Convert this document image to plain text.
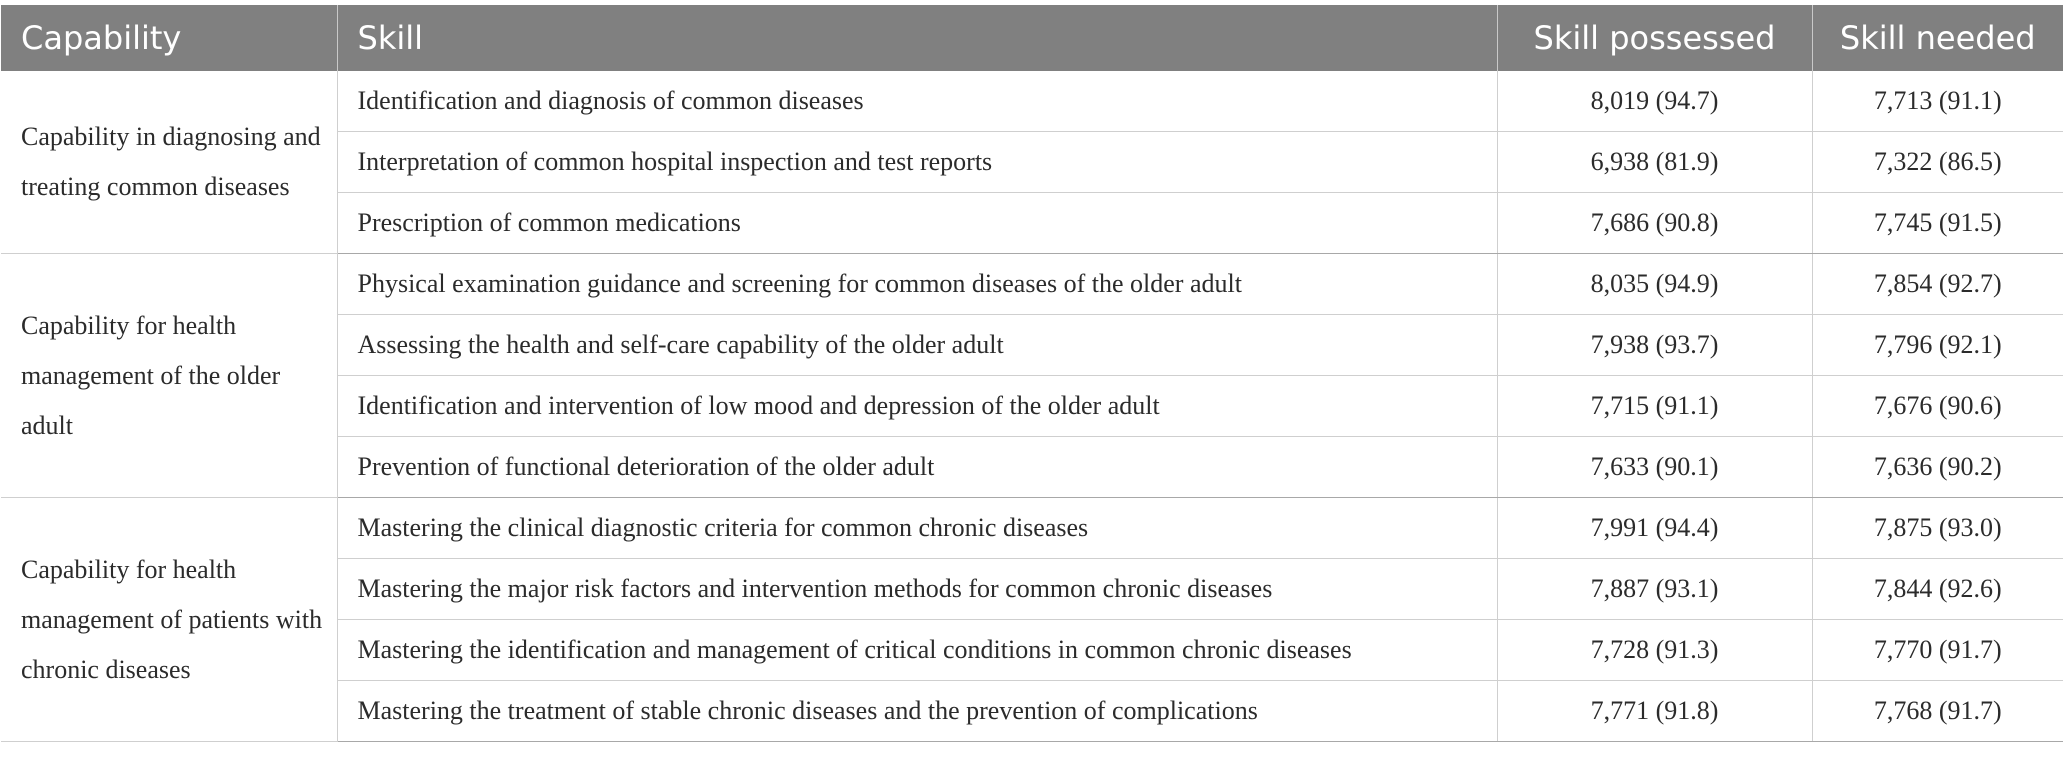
Capability	Skill	Skill possessed	Skill needed
Capability in diagnosing and treating common diseases	Identification and diagnosis of common diseases	8,019 (94.7)	7,713 (91.1)
	Interpretation of common hospital inspection and test reports	6,938 (81.9)	7,322 (86.5)
	Prescription of common medications	7,686 (90.8)	7,745 (91.5)
Capability for health management of the older adult	Physical examination guidance and screening for common diseases of the older adult	8,035 (94.9)	7,854 (92.7)
	Assessing the health and self-care capability of the older adult	7,938 (93.7)	7,796 (92.1)
	Identification and intervention of low mood and depression of the older adult	7,715 (91.1)	7,676 (90.6)
	Prevention of functional deterioration of the older adult	7,633 (90.1)	7,636 (90.2)
Capability for health management of patients with chronic diseases	Mastering the clinical diagnostic criteria for common chronic diseases	7,991 (94.4)	7,875 (93.0)
	Mastering the major risk factors and intervention methods for common chronic diseases	7,887 (93.1)	7,844 (92.6)
	Mastering the identification and management of critical conditions in common chronic diseases	7,728 (91.3)	7,770 (91.7)
	Mastering the treatment of stable chronic diseases and the prevention of complications	7,771 (91.8)	7,768 (91.7)
